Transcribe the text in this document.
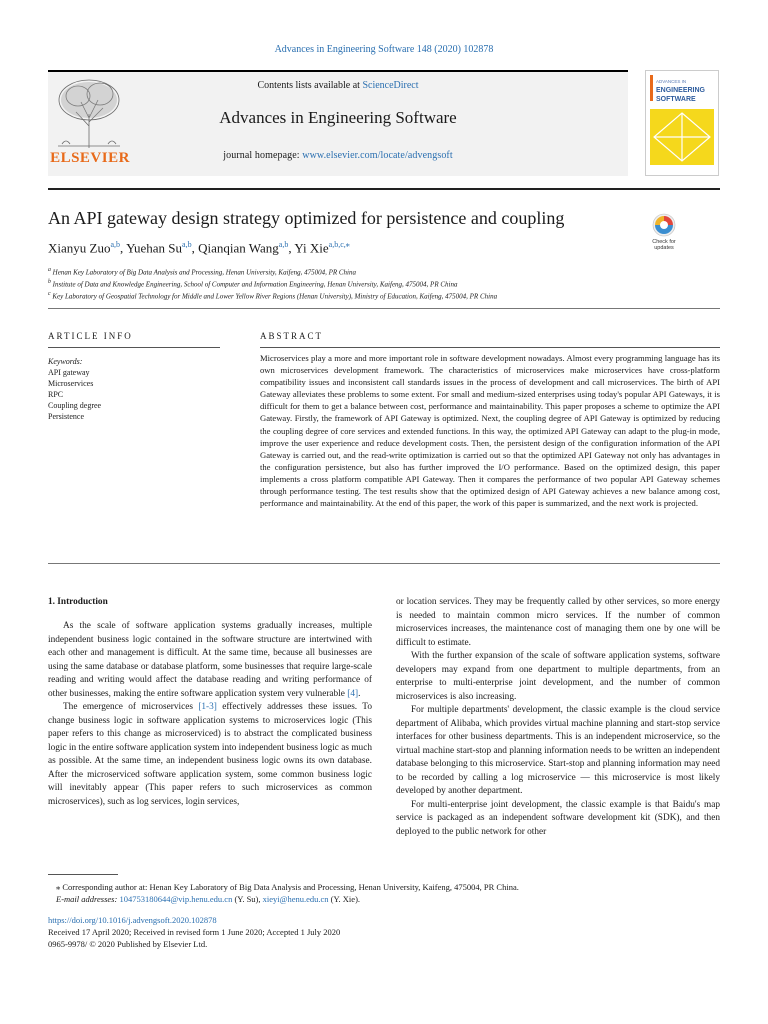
Advances in Engineering Software 148 (2020) 102878
ELSEVIER
Contents lists available at ScienceDirect
Advances in Engineering Software
journal homepage: www.elsevier.com/locate/advengsoft
ADVANCES IN
ENGINEERING
SOFTWARE
An API gateway design strategy optimized for persistence and coupling
Check for
updates
Xianyu Zuo$^{a,b}$, Yuehan Su$^{a,b}$, Qianqian Wang$^{a,b}$, Yi Xie$^{a,b,c,⁎}$
$^a$ Henan Key Laboratory of Big Data Analysis and Processing, Henan University, Kaifeng, 475004, PR China
$^b$ Institute of Data and Knowledge Engineering, School of Computer and Information Engineering, Henan University, Kaifeng, 475004, PR China
$^c$ Key Laboratory of Geospatial Technology for Middle and Lower Yellow River Regions (Henan University), Ministry of Education, Kaifeng, 475004, PR China
ARTICLE INFO	ABSTRACT
Keywords:
API gateway
Microservices
RPC
Coupling degree
Persistence
Microservices play a more and more important role in software development nowadays. Almost every programming language has its own microservices development framework. The characteristics of microservices make microservices have cross-platform compatibility issues and inconsistent call standards issues in the process of development and call microservices. The birth of API Gateway alleviates these problems to some extent. For small and medium-sized enterprises using today's popular API Gateways, it is difficult for them to get a balance between cost, performance and maintainability. This paper proposes a scheme to optimize the API Gateway. Firstly, the framework of API Gateway is optimized. Next, the coupling degree of API Gateway is optimized by reducing the coupling degree of core services and extended functions. In this way, the optimized API Gateway can adapt to the plug-in mode, improve the user experience and reduce development costs. Then, the persistent design of the configuration information of the API Gateway is carried out, and the read-write optimization is carried out so that the optimized API Gateway not only has advantages in the configuration persistence, but also has further improved the I/O performance. Based on the optimized design, this paper implements a cross platform compatible API Gateway. Then it compares the performance of two popular API Gateway schemes through performance testing. The test results show that the optimized design of API Gateway achieves a new balance among cost, performance and maintainability. At the end of this paper, the work of this paper is summarized, and the next work is projected.
1. Introduction

As the scale of software application systems gradually increases, multiple independent business logic contained in the software structure are intertwined with each other and management is difficult. At the same time, because all businesses are using the same database or database platform, some businesses that require large-scale reading and writing would affect the database reading and writing performance of other businesses, making the entire software application system very vulnerable [4].

The emergence of microservices [1-3] effectively addresses these issues. To change business logic in software application systems to microservices logic (This paper refers to this change as microserviced) is to abstract the complicated business logic in the entire software application system into independent business logic as much as possible. At the same time, an independent business logic owns its own database. After the microserviced software application system, some common business logic will inevitably appear (This paper refers to such microservices as common microservices), such as log services, login services,

or location services. They may be frequently called by other services, so more energy is needed to maintain common micro services. If the number of common microservices increases, the maintenance cost of managing them one by one will be difficult to estimate.

With the further expansion of the scale of software application systems, software developers may expand from one department to multiple departments, from an enterprise to multi-enterprise joint development, and the number of common microservices is also increasing.

For multiple departments' development, the classic example is the cloud service department of Alibaba, which provides virtual machine planning and start-stop service interfaces for other business departments. This is an independent microservice, so the virtual machine start-stop and planning information needs to be written an independent database belonging to this microservice. Start-stop and planning information may need to be recorded by calling a log microservice — this microservice is most likely developed by another department.

For multi-enterprise joint development, the classic example is that Baidu's map service is packaged as an independent software development kit (SDK), and then deployed to the public network for other

⁎ Corresponding author at: Henan Key Laboratory of Big Data Analysis and Processing, Henan University, Kaifeng, 475004, PR China.
E-mail addresses: 104753180644@vip.henu.edu.cn (Y. Su), xieyi@henu.edu.cn (Y. Xie).
https://doi.org/10.1016/j.advengsoft.2020.102878
Received 17 April 2020; Received in revised form 1 June 2020; Accepted 1 July 2020
0965-9978/ © 2020 Published by Elsevier Ltd.
